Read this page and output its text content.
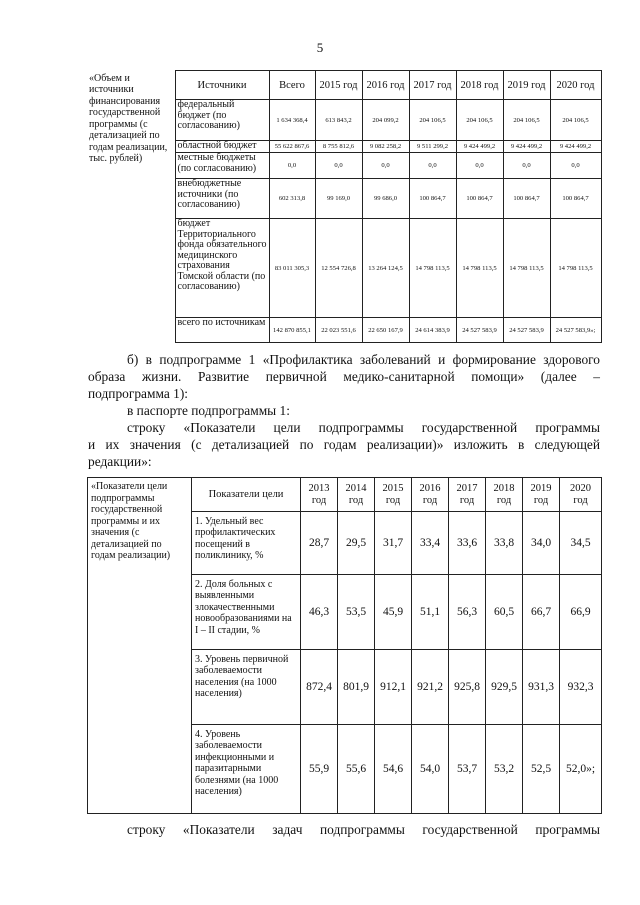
5
«Объем и источники финансирования государственной программы (с детализацией по годам реализации, тыс. рублей)	Источники	Всего	2015 год	2016 год	2017 год	2018 год	2019 год	2020 год
	федеральный бюджет (по согласованию)	1 634 368,4	613 843,2	204 099,2	204 106,5	204 106,5	204 106,5	204 106,5
	областной бюджет	55 622 867,6	8 755 812,6	9 082 258,2	9 511 299,2	9 424 499,2	9 424 499,2	9 424 499,2
	местные бюджеты (по согласованию)	0,0	0,0	0,0	0,0	0,0	0,0	0,0
	внебюджетные источники (по согласованию)	602 313,8	99 169,0	99 686,0	100 864,7	100 864,7	100 864,7	100 864,7
	бюджет Территориального фонда обязательного медицинского страхования Томской области (по согласованию)	83 011 305,3	12 554 726,8	13 264 124,5	14 798 113,5	14 798 113,5	14 798 113,5	14 798 113,5
	всего по источникам	142 870 855,1	22 023 551,6	22 650 167,9	24 614 383,9	24 527 583,9	24 527 583,9	24 527 583,9»;
б) в подпрограмме 1 «Профилактика заболеваний и формирование здорового
образа жизни. Развитие первичной медико-санитарной помощи» (далее –
подпрограмма 1):
в паспорте подпрограммы 1:
строку «Показатели цели подпрограммы государственной программы
и их значения (с детализацией по годам реализации)» изложить в следующей
редакции»:
«Показатели цели подпрограммы государственной программы и их значения (с детализацией по годам реализации)	Показатели цели	2013 год	2014 год	2015 год	2016 год	2017 год	2018 год	2019 год	2020 год
	1. Удельный вес профилактических посещений в поликлинику, %	28,7	29,5	31,7	33,4	33,6	33,8	34,0	34,5
	2. Доля больных с выявленными злокачественными новообразованиями на I – II стадии, %	46,3	53,5	45,9	51,1	56,3	60,5	66,7	66,9
	3. Уровень первичной заболеваемости населения (на 1000 населения)	872,4	801,9	912,1	921,2	925,8	929,5	931,3	932,3
	4. Уровень заболеваемости инфекционными и паразитарными болезнями (на 1000 населения)	55,9	55,6	54,6	54,0	53,7	53,2	52,5	52,0»;
строку «Показатели задач подпрограммы государственной программы
